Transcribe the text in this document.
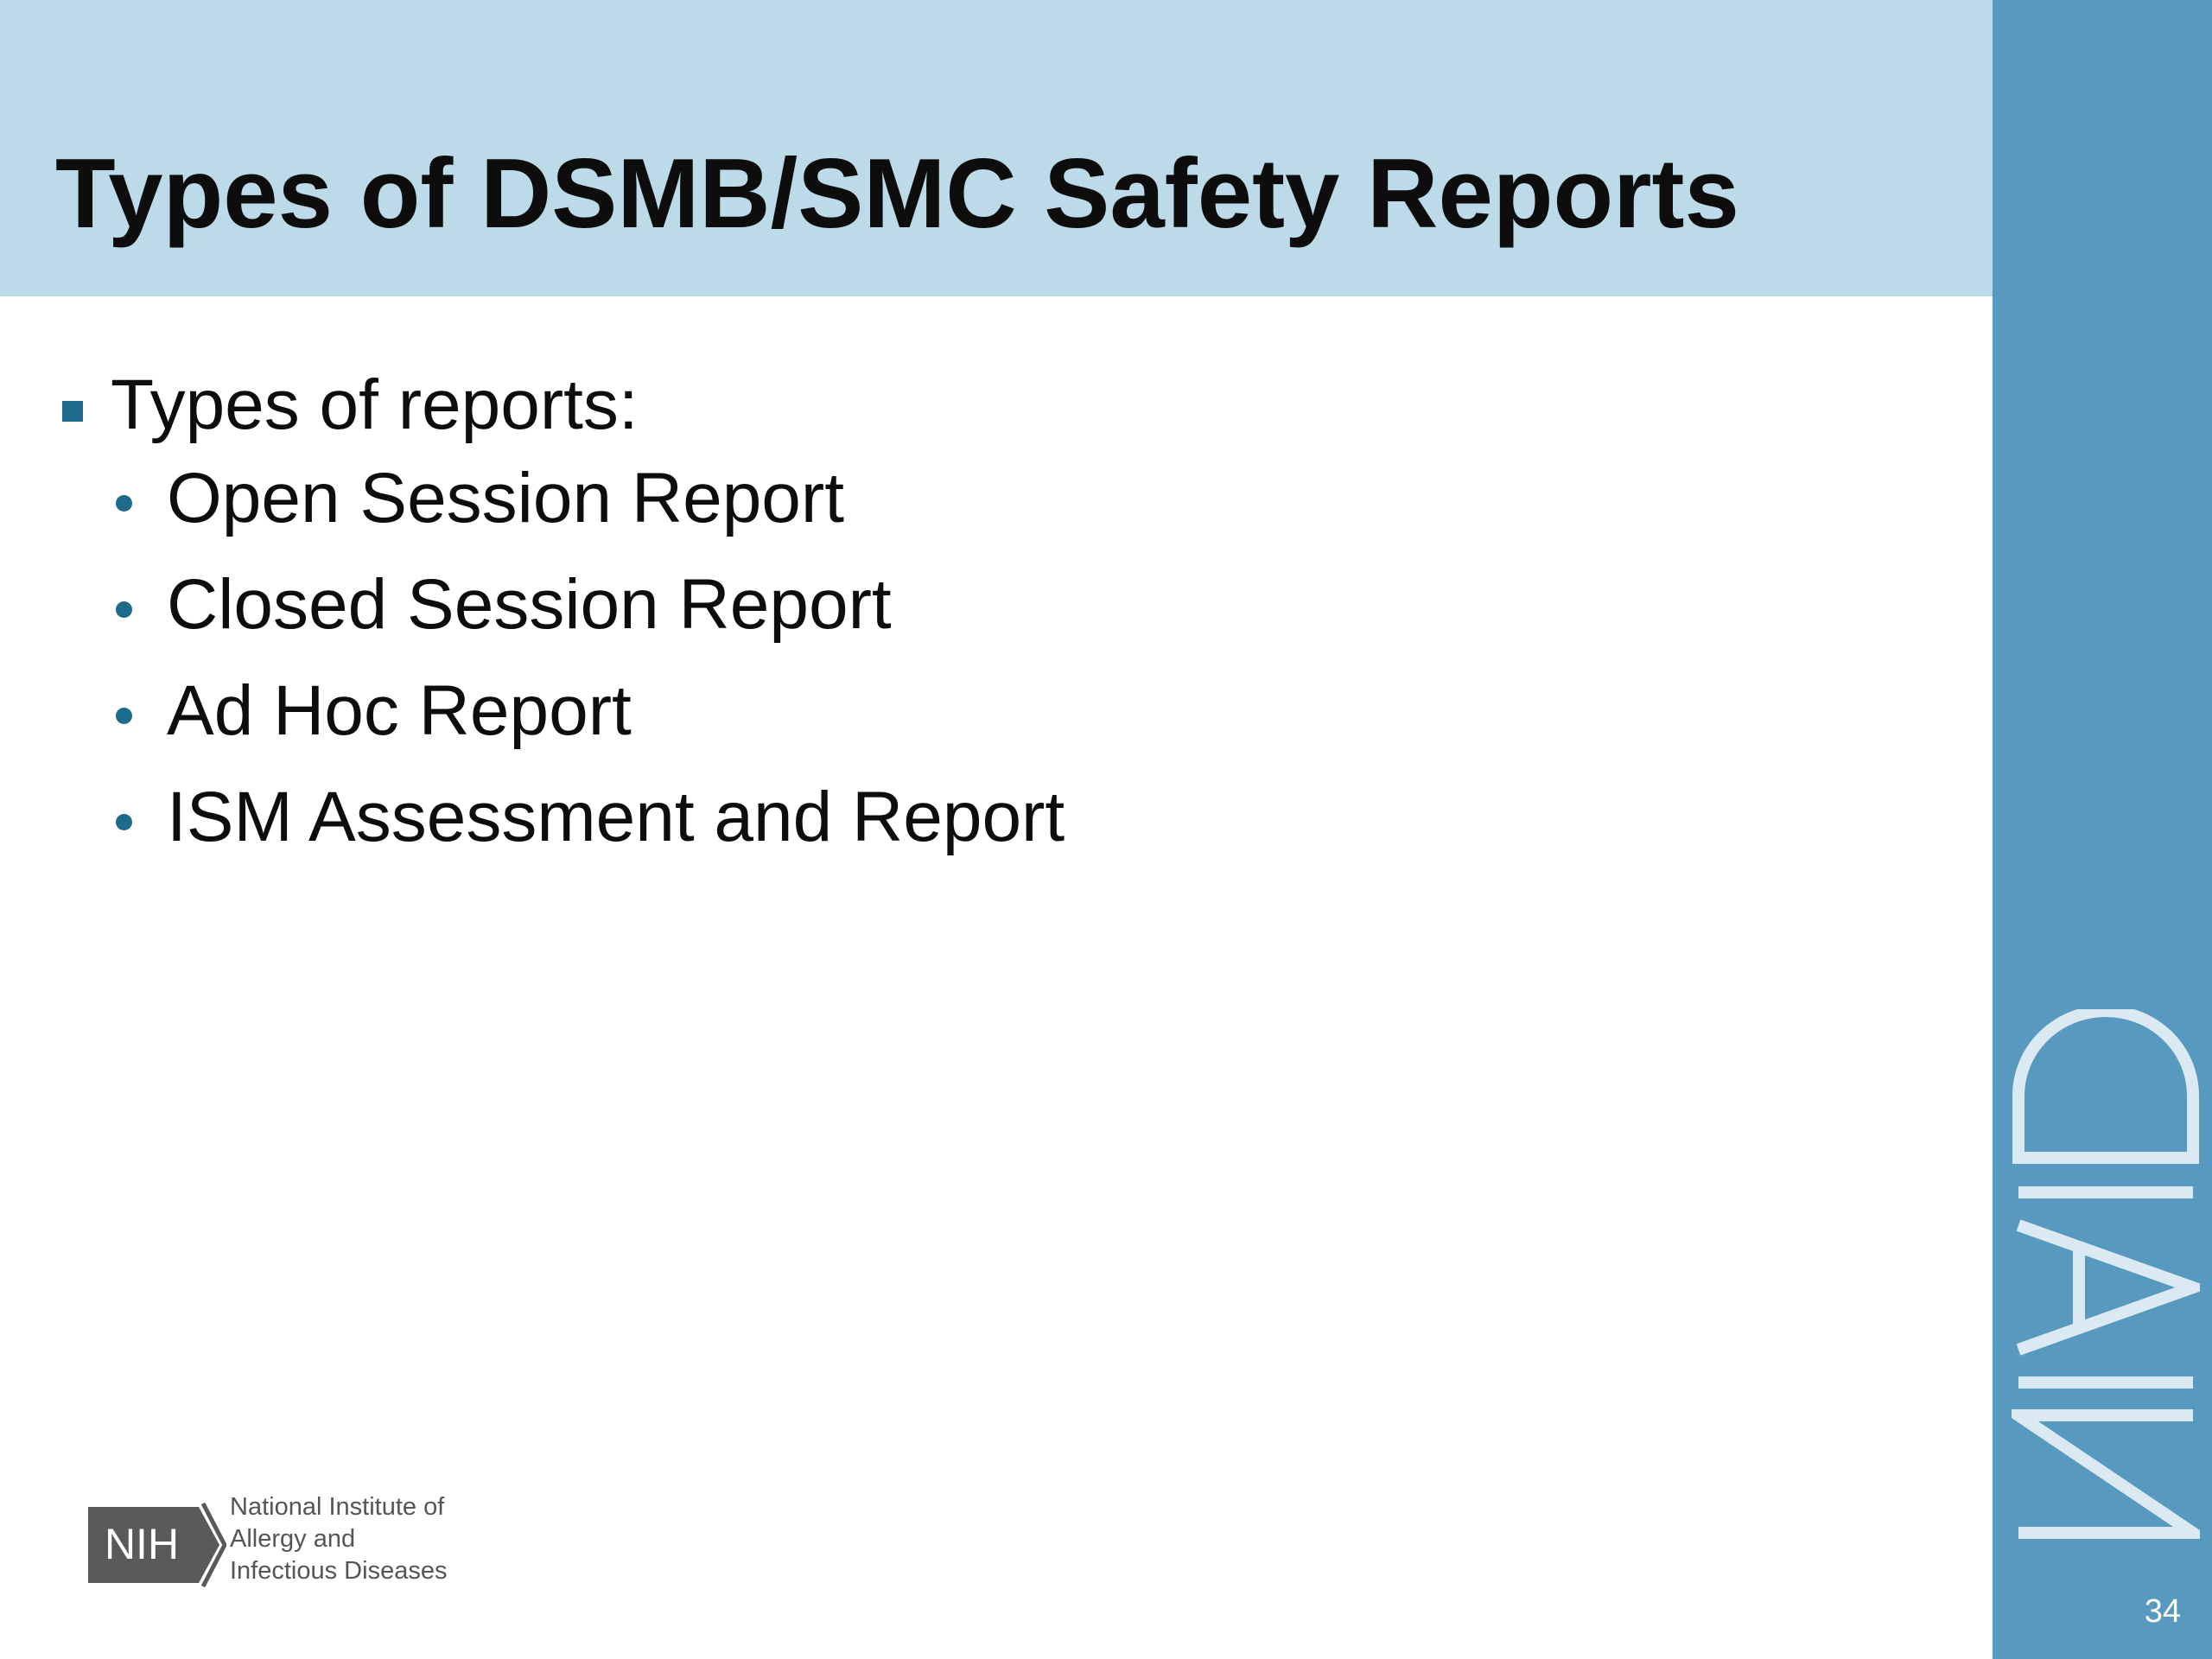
Types of DSMB/SMC Safety Reports
34
Types of reports:
Open Session Report
Closed Session Report
Ad Hoc Report
ISM Assessment and Report
NIH
National Institute of
Allergy and
Infectious Diseases
